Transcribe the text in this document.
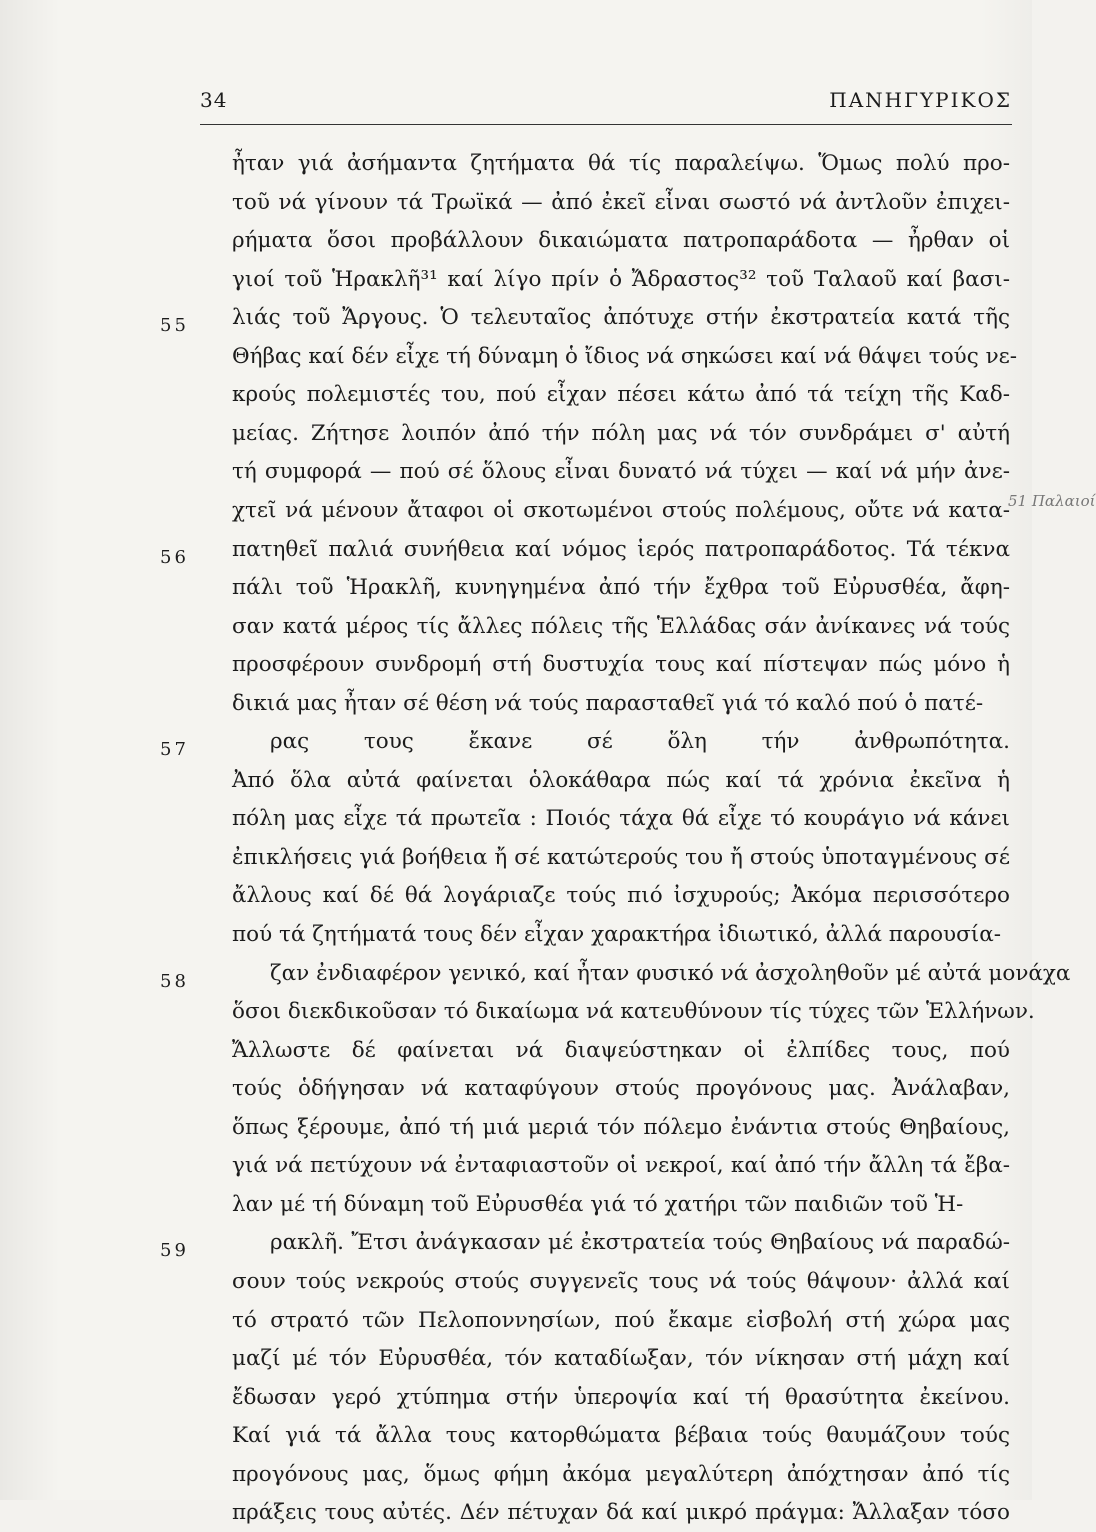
34	ΠΑΝΗΓΥΡΙΚΟΣ
51 Παλαιοί
ἦταν γιά ἀσήμαντα ζητήματα θά τίς παραλείψω. Ὅμως πολύ προ-
τοῦ νά γίνουν τά Τρωϊκά — ἀπό ἐκεῖ εἶναι σωστό νά ἀντλοῦν ἐπιχει-
ρήματα ὅσοι προβάλλουν δικαιώματα πατροπαράδοτα — ἦρθαν οἱ
γιοί τοῦ Ἡρακλῆ³¹ καί λίγο πρίν ὁ Ἄδραστος³² τοῦ Ταλαοῦ καί βασι-
λιάς τοῦ Ἄργους. Ὁ τελευταῖος ἀπότυχε στήν ἐκστρατεία κατά τῆς
Θήβας καί δέν εἶχε τή δύναμη ὁ ἴδιος νά σηκώσει καί νά θάψει τούς νε-
κρούς πολεμιστές του, πού εἶχαν πέσει κάτω ἀπό τά τείχη τῆς Καδ-
μείας. Ζήτησε λοιπόν ἀπό τήν πόλη μας νά τόν συνδράμει σ' αὐτή
τή συμφορά — πού σέ ὅλους εἶναι δυνατό νά τύχει — καί νά μήν ἀνε-
χτεῖ νά μένουν ἄταφοι οἱ σκοτωμένοι στούς πολέμους, οὔτε νά κατα-
πατηθεῖ παλιά συνήθεια καί νόμος ἱερός πατροπαράδοτος. Τά τέκνα
πάλι τοῦ Ἡρακλῆ, κυνηγημένα ἀπό τήν ἔχθρα τοῦ Εὐρυσθέα, ἄφη-
σαν κατά μέρος τίς ἄλλες πόλεις τῆς Ἑλλάδας σάν ἀνίκανες νά τούς
προσφέρουν συνδρομή στή δυστυχία τους καί πίστεψαν πώς μόνο ἡ
δικιά μας ἦταν σέ θέση νά τούς παρασταθεῖ γιά τό καλό πού ὁ πατέ-
ρας τους ἔκανε σέ ὅλη τήν ἀνθρωπότητα.
Ἀπό ὅλα αὐτά φαίνεται ὁλοκάθαρα πώς καί τά χρόνια ἐκεῖνα ἡ
πόλη μας εἶχε τά πρωτεῖα : Ποιός τάχα θά εἶχε τό κουράγιο νά κάνει
ἐπικλήσεις γιά βοήθεια ἤ σέ κατώτερούς του ἤ στούς ὑποταγμένους σέ
ἄλλους καί δέ θά λογάριαζε τούς πιό ἰσχυρούς; Ἀκόμα περισσότερο
πού τά ζητήματά τους δέν εἶχαν χαρακτήρα ἰδιωτικό, ἀλλά παρουσία-
ζαν ἐνδιαφέρον γενικό, καί ἦταν φυσικό νά ἀσχοληθοῦν μέ αὐτά μονάχα
ὅσοι διεκδικοῦσαν τό δικαίωμα νά κατευθύνουν τίς τύχες τῶν Ἑλλήνων.
Ἄλλωστε δέ φαίνεται νά διαψεύστηκαν οἱ ἐλπίδες τους, πού
τούς ὁδήγησαν νά καταφύγουν στούς προγόνους μας. Ἀνάλαβαν,
ὅπως ξέρουμε, ἀπό τή μιά μεριά τόν πόλεμο ἐνάντια στούς Θηβαίους,
γιά νά πετύχουν νά ἐνταφιαστοῦν οἱ νεκροί, καί ἀπό τήν ἄλλη τά ἔβα-
λαν μέ τή δύναμη τοῦ Εὐρυσθέα γιά τό χατήρι τῶν παιδιῶν τοῦ Ἡ-
ρακλῆ. Ἔτσι ἀνάγκασαν μέ ἐκστρατεία τούς Θηβαίους νά παραδώ-
σουν τούς νεκρούς στούς συγγενεῖς τους νά τούς θάψουν· ἀλλά καί
τό στρατό τῶν Πελοποννησίων, πού ἔκαμε εἰσβολή στή χώρα μας
μαζί μέ τόν Εὐρυσθέα, τόν καταδίωξαν, τόν νίκησαν στή μάχη καί
ἔδωσαν γερό χτύπημα στήν ὑπεροψία καί τή θρασύτητα ἐκείνου.
Καί γιά τά ἄλλα τους κατορθώματα βέβαια τούς θαυμάζουν τούς
προγόνους μας, ὅμως φήμη ἀκόμα μεγαλύτερη ἀπόχτησαν ἀπό τίς
πράξεις τους αὐτές. Δέν πέτυχαν δά καί μικρό πράγμα: Ἄλλαξαν τόσο
55
56
57
58
59
